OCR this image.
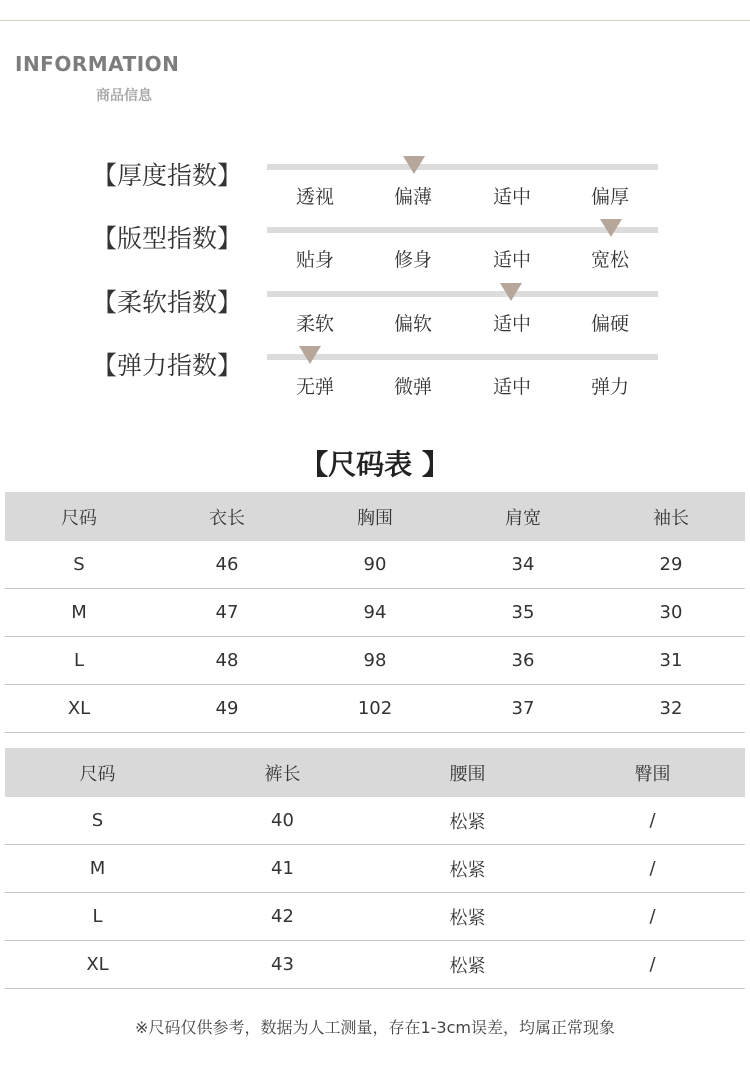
INFORMATION
商品信息
【厚度指数】
透视	偏薄	适中	偏厚
【版型指数】
贴身	修身	适中	宽松
【柔软指数】
柔软	偏软	适中	偏硬
【弹力指数】
无弹	微弹	适中	弹力
【尺码表 】
尺码	衣长	胸围	肩宽	袖长
S	46	90	34	29
M	47	94	35	30
L	48	98	36	31
XL	49	102	37	32
尺码	裤长	腰围	臀围
S	40	松紧	/
M	41	松紧	/
L	42	松紧	/
XL	43	松紧	/
※尺码仅供参考，数据为人工测量，存在1-3cm误差，均属正常现象
